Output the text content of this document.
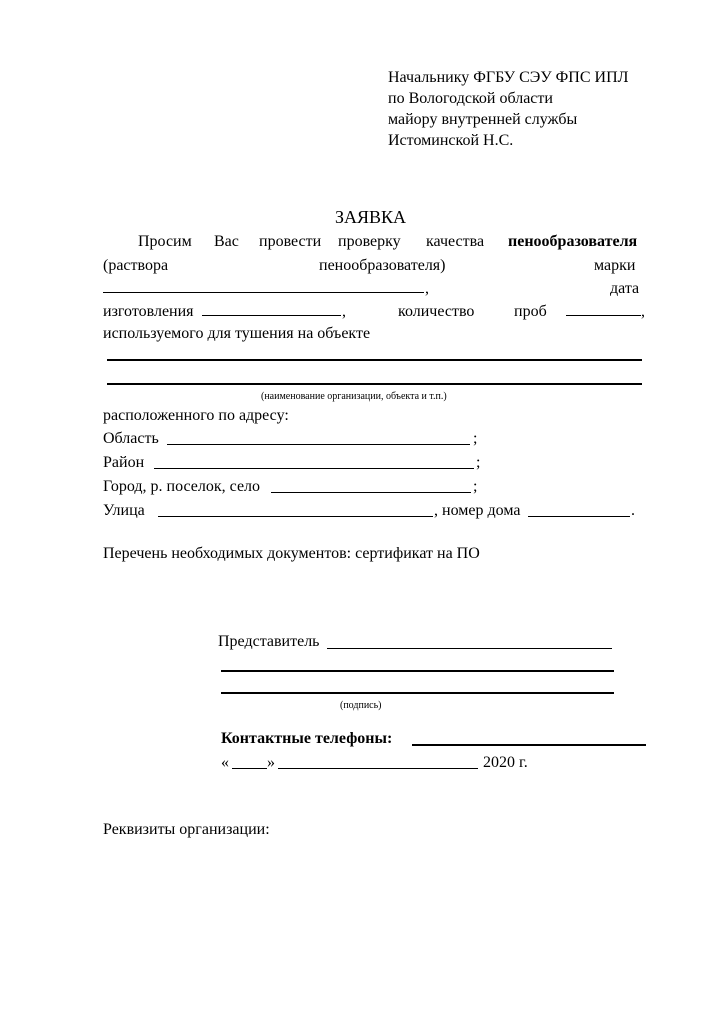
Начальнику ФГБУ СЭУ ФПС ИПЛ
по Вологодской области
майору внутренней службы
Истоминской Н.С.
ЗАЯВКА
Просим Вас провести проверку качества пенообразователя
(раствора	пенообразователя)	марки
,	дата
изготовления	,	количество проб	,
используемого для тушения на объекте
(наименование организации, объекта и т.п.)
расположенного по адресу:
Область	;
Район	;
Город, р. поселок, село	;
Улица	, номер дома	.
Перечень необходимых документов: сертификат на ПО
Представитель
(подпись)
Контактные телефоны:
« »	2020 г.
Реквизиты организации:
